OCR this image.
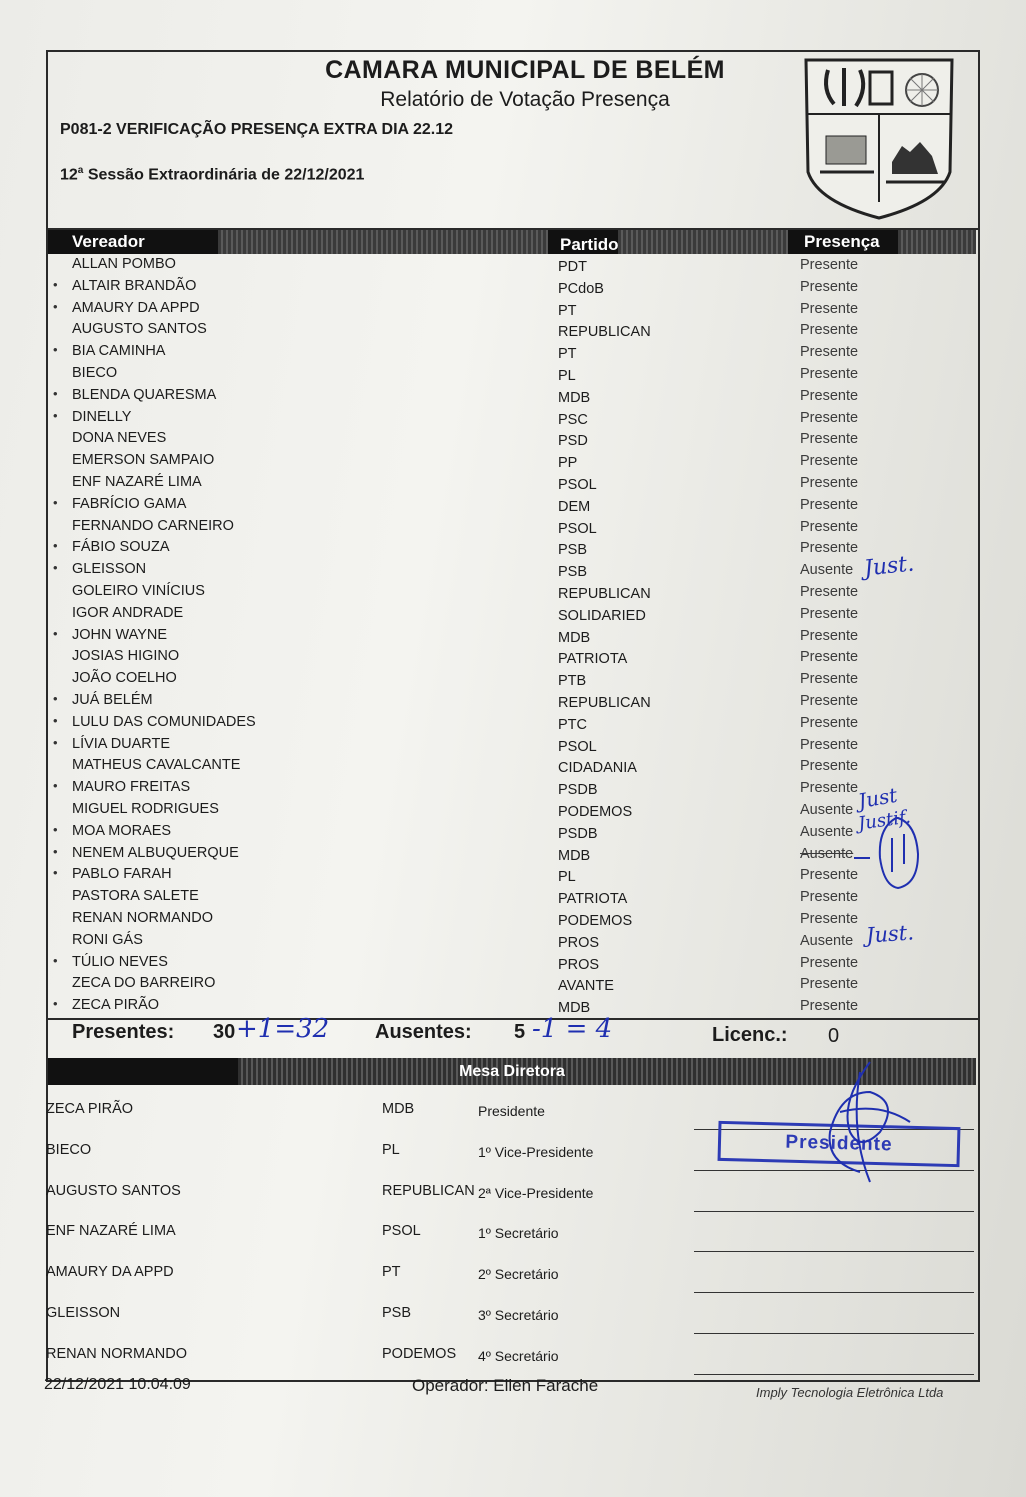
CAMARA MUNICIPAL DE BELÉM
Relatório de Votação Presença
P081-2 VERIFICAÇÃO PRESENÇA EXTRA DIA 22.12
12$^a$ Sessão Extraordinária de 22/12/2021
Vereador	Partido	Presença
ALLAN POMBO	PDT	Presente
• ALTAIR BRANDÃO	PCdoB	Presente
• AMAURY DA APPD	PT	Presente
AUGUSTO SANTOS	REPUBLICAN	Presente
• BIA CAMINHA	PT	Presente
BIECO	PL	Presente
• BLENDA QUARESMA	MDB	Presente
• DINELLY	PSC	Presente
DONA NEVES	PSD	Presente
EMERSON SAMPAIO	PP	Presente
ENF NAZARÉ LIMA	PSOL	Presente
• FABRÍCIO GAMA	DEM	Presente
FERNANDO CARNEIRO	PSOL	Presente
• FÁBIO SOUZA	PSB	Presente
• GLEISSON	PSB	Ausente
GOLEIRO VINÍCIUS	REPUBLICAN	Presente
IGOR ANDRADE	SOLIDARIED	Presente
• JOHN WAYNE	MDB	Presente
JOSIAS HIGINO	PATRIOTA	Presente
JOÃO COELHO	PTB	Presente
• JUÁ BELÉM	REPUBLICAN	Presente
• LULU DAS COMUNIDADES	PTC	Presente
• LÍVIA DUARTE	PSOL	Presente
MATHEUS CAVALCANTE	CIDADANIA	Presente
• MAURO FREITAS	PSDB	Presente
MIGUEL RODRIGUES	PODEMOS	Ausente
• MOA MORAES	PSDB	Ausente
• NENEM ALBUQUERQUE	MDB	Ausente
• PABLO FARAH	PL	Presente
PASTORA SALETE	PATRIOTA	Presente
RENAN NORMANDO	PODEMOS	Presente
RONI GÁS	PROS	Ausente
• TÚLIO NEVES	PROS	Presente
ZECA DO BARREIRO	AVANTE	Presente
• ZECA PIRÃO	MDB	Presente
Just.
Just
Justif.
Just.
Presentes: 30 +1=32 Ausentes: 5 -1 = 4	Licenc.: 0
Mesa Diretora
ZECA PIRÃO	MDB	Presidente
BIECO	PL	1º Vice-Presidente
AUGUSTO SANTOS	REPUBLICAN 2ª Vice-Presidente
ENF NAZARÉ LIMA	PSOL	1º Secretário
AMAURY DA APPD	PT	2º Secretário
GLEISSON	PSB	3º Secretário
RENAN NORMANDO	PODEMOS 4º Secretário
Presidente
22/12/2021 10:04:09	Operador: Ellen Farache	Imply Tecnologia Eletrônica Ltda
